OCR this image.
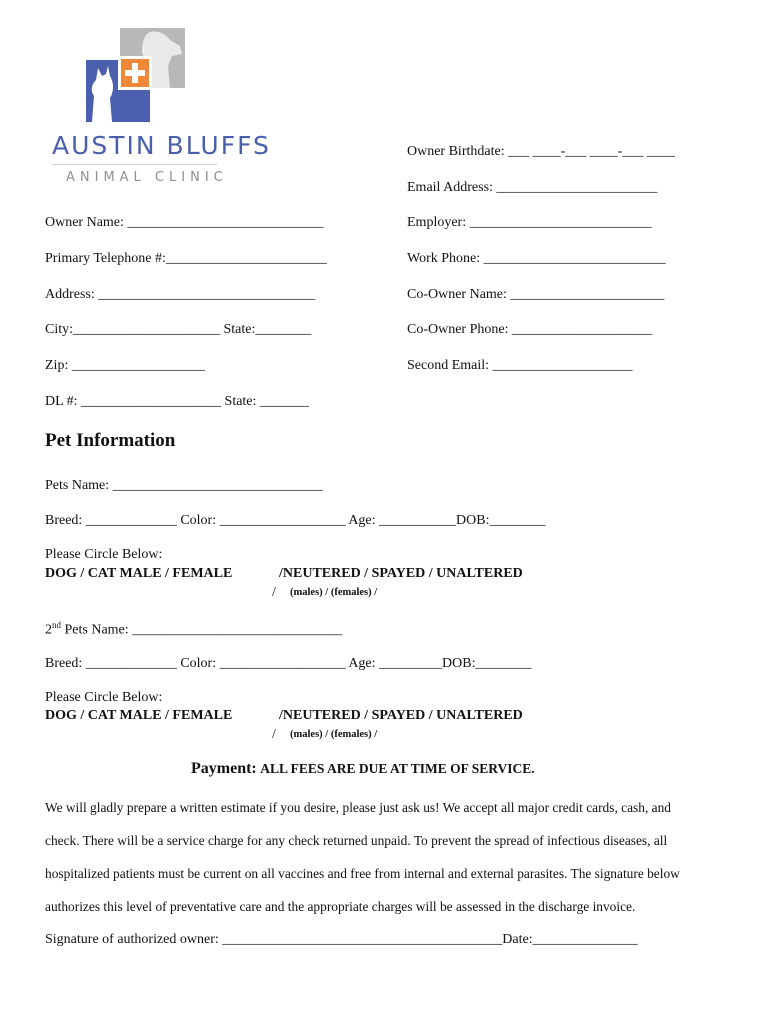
AUSTIN BLUFFS
ANIMAL CLINIC
Owner Birthdate: ___ ____-___ ____-___ ____
Email Address: _______________________
Owner Name: ____________________________	Employer: __________________________
Primary Telephone #:_______________________	Work Phone: __________________________
Address: _______________________________	Co-Owner Name: ______________________
City:_____________________ State:________	Co-Owner Phone: ____________________
Zip: ___________________	Second Email: ____________________
DL #: ____________________ State: _______
Pet Information
Pets Name: ______________________________
Breed: _____________ Color: __________________ Age: ___________DOB:________
Please Circle Below:
DOG / CAT MALE / FEMALE	/NEUTERED / SPAYED / UNALTERED
/ (males) / (females) /
2nd Pets Name: ______________________________
Breed: _____________ Color: __________________ Age: _________DOB:________
Please Circle Below:
DOG / CAT MALE / FEMALE	/NEUTERED / SPAYED / UNALTERED
/ (males) / (females) /
Payment: ALL FEES ARE DUE AT TIME OF SERVICE.
We will gladly prepare a written estimate if you desire, please just ask us! We accept all major credit cards, cash, and
check. There will be a service charge for any check returned unpaid. To prevent the spread of infectious diseases, all
hospitalized patients must be current on all vaccines and free from internal and external parasites. The signature below
authorizes this level of preventative care and the appropriate charges will be assessed in the discharge invoice.
Signature of authorized owner: ________________________________________Date:_______________
